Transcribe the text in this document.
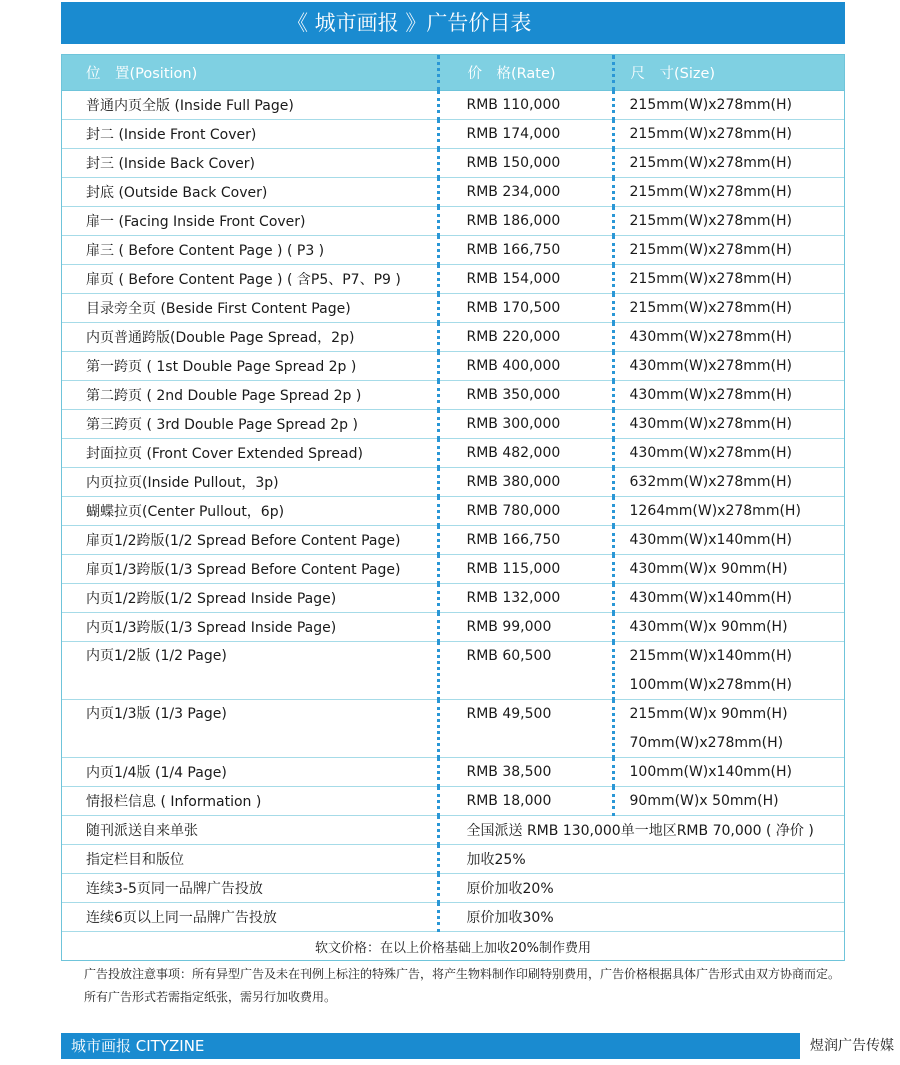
《 城市画报 》广告价目表
位　置(Position)	价　格(Rate)	尺　寸(Size)
普通内页全版 (Inside Full Page)	RMB 110,000	215mm(W)x278mm(H)
封二 (Inside Front Cover)	RMB 174,000	215mm(W)x278mm(H)
封三 (Inside Back Cover)	RMB 150,000	215mm(W)x278mm(H)
封底 (Outside Back Cover)	RMB 234,000	215mm(W)x278mm(H)
扉一 (Facing Inside Front Cover)	RMB 186,000	215mm(W)x278mm(H)
扉三 ( Before Content Page ) ( P3 )	RMB 166,750	215mm(W)x278mm(H)
扉页 ( Before Content Page ) ( 含P5、P7、P9 )	RMB 154,000	215mm(W)x278mm(H)
目录旁全页 (Beside First Content Page)	RMB 170,500	215mm(W)x278mm(H)
内页普通跨版(Double Page Spread，2p)	RMB 220,000	430mm(W)x278mm(H)
第一跨页 ( 1st Double Page Spread 2p )	RMB 400,000	430mm(W)x278mm(H)
第二跨页 ( 2nd Double Page Spread 2p )	RMB 350,000	430mm(W)x278mm(H)
第三跨页 ( 3rd Double Page Spread 2p )	RMB 300,000	430mm(W)x278mm(H)
封面拉页 (Front Cover Extended Spread)	RMB 482,000	430mm(W)x278mm(H)
内页拉页(Inside Pullout，3p)	RMB 380,000	632mm(W)x278mm(H)
蝴蝶拉页(Center Pullout，6p)	RMB 780,000	1264mm(W)x278mm(H)
扉页1/2跨版(1/2 Spread Before Content Page)	RMB 166,750	430mm(W)x140mm(H)
扉页1/3跨版(1/3 Spread Before Content Page)	RMB 115,000	430mm(W)x 90mm(H)
内页1/2跨版(1/2 Spread Inside Page)	RMB 132,000	430mm(W)x140mm(H)
内页1/3跨版(1/3 Spread Inside Page)	RMB 99,000	430mm(W)x 90mm(H)

内页1/2版 (1/2 Page)	RMB 60,500	215mm(W)x140mm(H)
100mm(W)x278mm(H)

内页1/3版 (1/3 Page)	RMB 49,500	215mm(W)x 90mm(H)
70mm(W)x278mm(H)

内页1/4版 (1/4 Page)	RMB 38,500	100mm(W)x140mm(H)
情报栏信息 ( Information )	RMB 18,000	90mm(W)x 50mm(H)
随刊派送自来单张	全国派送 RMB 130,000单一地区RMB 70,000 ( 净价 )	
指定栏目和版位	加收25%	
连续3-5页同一品牌广告投放	原价加收20%	
连续6页以上同一品牌广告投放	原价加收30%	
软文价格：在以上价格基础上加收20%制作费用		
广告投放注意事项：所有异型广告及未在刊例上标注的特殊广告，将产生物料制作印刷特别费用，广告价格根据具体广告形式由双方协商而定。所有广告形式若需指定纸张，需另行加收费用。
城市画报 CITYZINE	煜润广告传媒
